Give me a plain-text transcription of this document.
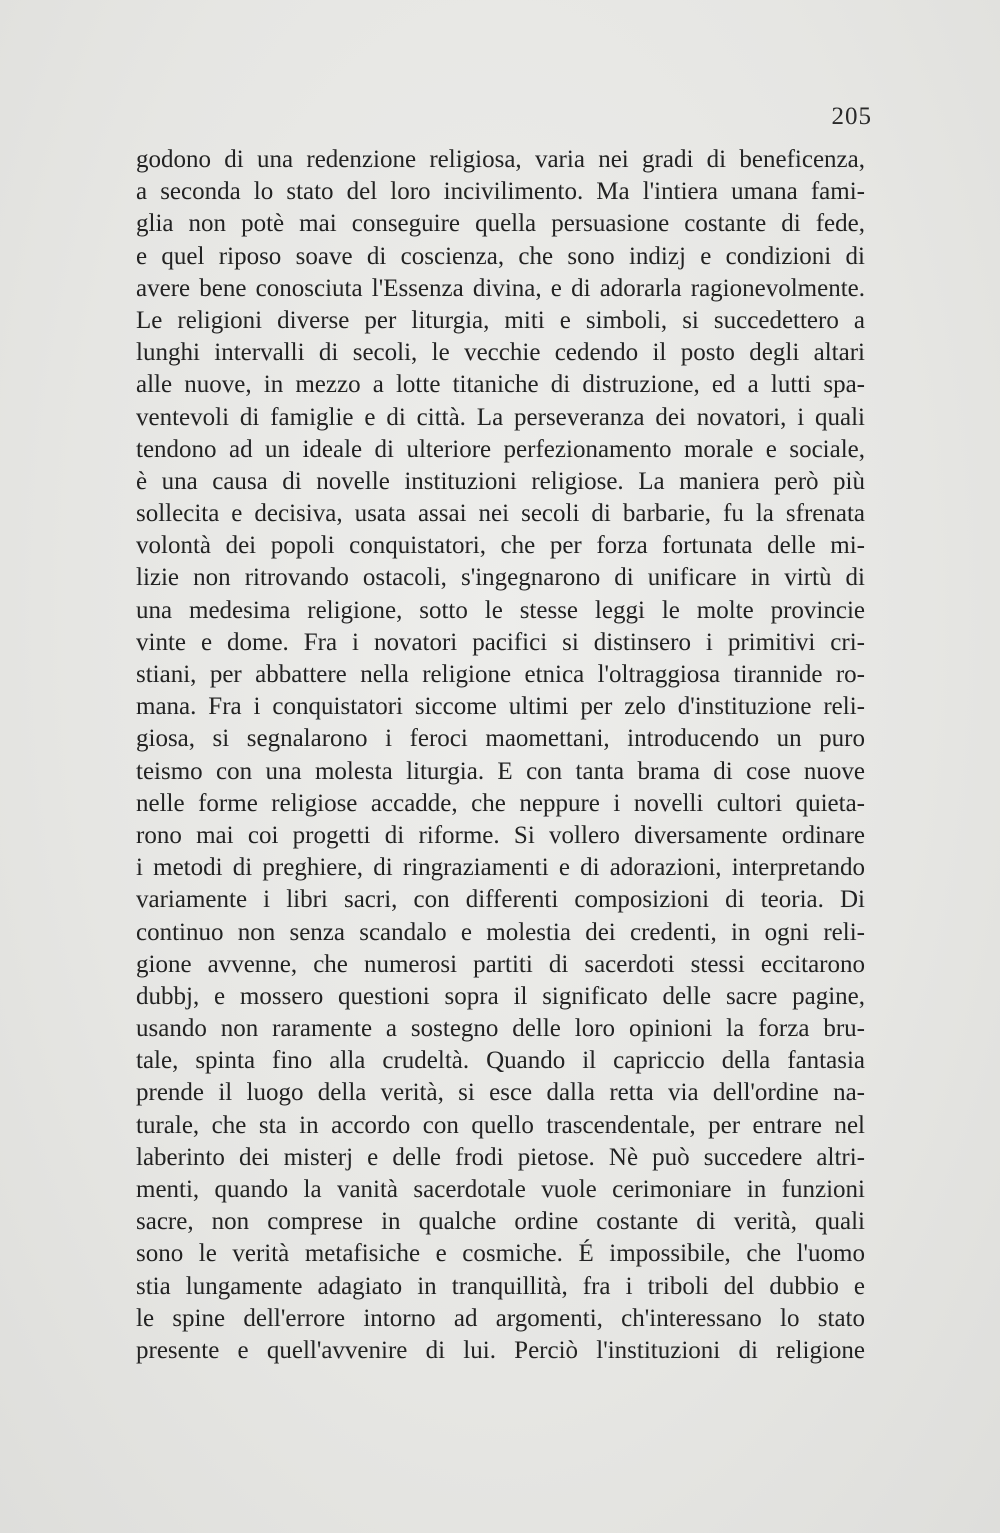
205
godono di una redenzione religiosa, varia nei gradi di beneficenza,
a seconda lo stato del loro incivilimento. Ma l'intiera umana fami-
glia non potè mai conseguire quella persuasione costante di fede,
e quel riposo soave di coscienza, che sono indizj e condizioni di
avere bene conosciuta l'Essenza divina, e di adorarla ragionevolmente.
Le religioni diverse per liturgia, miti e simboli, si succedettero a
lunghi intervalli di secoli, le vecchie cedendo il posto degli altari
alle nuove, in mezzo a lotte titaniche di distruzione, ed a lutti spa-
ventevoli di famiglie e di città. La perseveranza dei novatori, i quali
tendono ad un ideale di ulteriore perfezionamento morale e sociale,
è una causa di novelle instituzioni religiose. La maniera però più
sollecita e decisiva, usata assai nei secoli di barbarie, fu la sfrenata
volontà dei popoli conquistatori, che per forza fortunata delle mi-
lizie non ritrovando ostacoli, s'ingegnarono di unificare in virtù di
una medesima religione, sotto le stesse leggi le molte provincie
vinte e dome. Fra i novatori pacifici si distinsero i primitivi cri-
stiani, per abbattere nella religione etnica l'oltraggiosa tirannide ro-
mana. Fra i conquistatori siccome ultimi per zelo d'instituzione reli-
giosa, si segnalarono i feroci maomettani, introducendo un puro
teismo con una molesta liturgia. E con tanta brama di cose nuove
nelle forme religiose accadde, che neppure i novelli cultori quieta-
rono mai coi progetti di riforme. Si vollero diversamente ordinare
i metodi di preghiere, di ringraziamenti e di adorazioni, interpretando
variamente i libri sacri, con differenti composizioni di teoria. Di
continuo non senza scandalo e molestia dei credenti, in ogni reli-
gione avvenne, che numerosi partiti di sacerdoti stessi eccitarono
dubbj, e mossero questioni sopra il significato delle sacre pagine,
usando non raramente a sostegno delle loro opinioni la forza bru-
tale, spinta fino alla crudeltà. Quando il capriccio della fantasia
prende il luogo della verità, si esce dalla retta via dell'ordine na-
turale, che sta in accordo con quello trascendentale, per entrare nel
laberinto dei misterj e delle frodi pietose. Nè può succedere altri-
menti, quando la vanità sacerdotale vuole cerimoniare in funzioni
sacre, non comprese in qualche ordine costante di verità, quali
sono le verità metafisiche e cosmiche. É impossibile, che l'uomo
stia lungamente adagiato in tranquillità, fra i triboli del dubbio e
le spine dell'errore intorno ad argomenti, ch'interessano lo stato
presente e quell'avvenire di lui. Perciò l'instituzioni di religione
